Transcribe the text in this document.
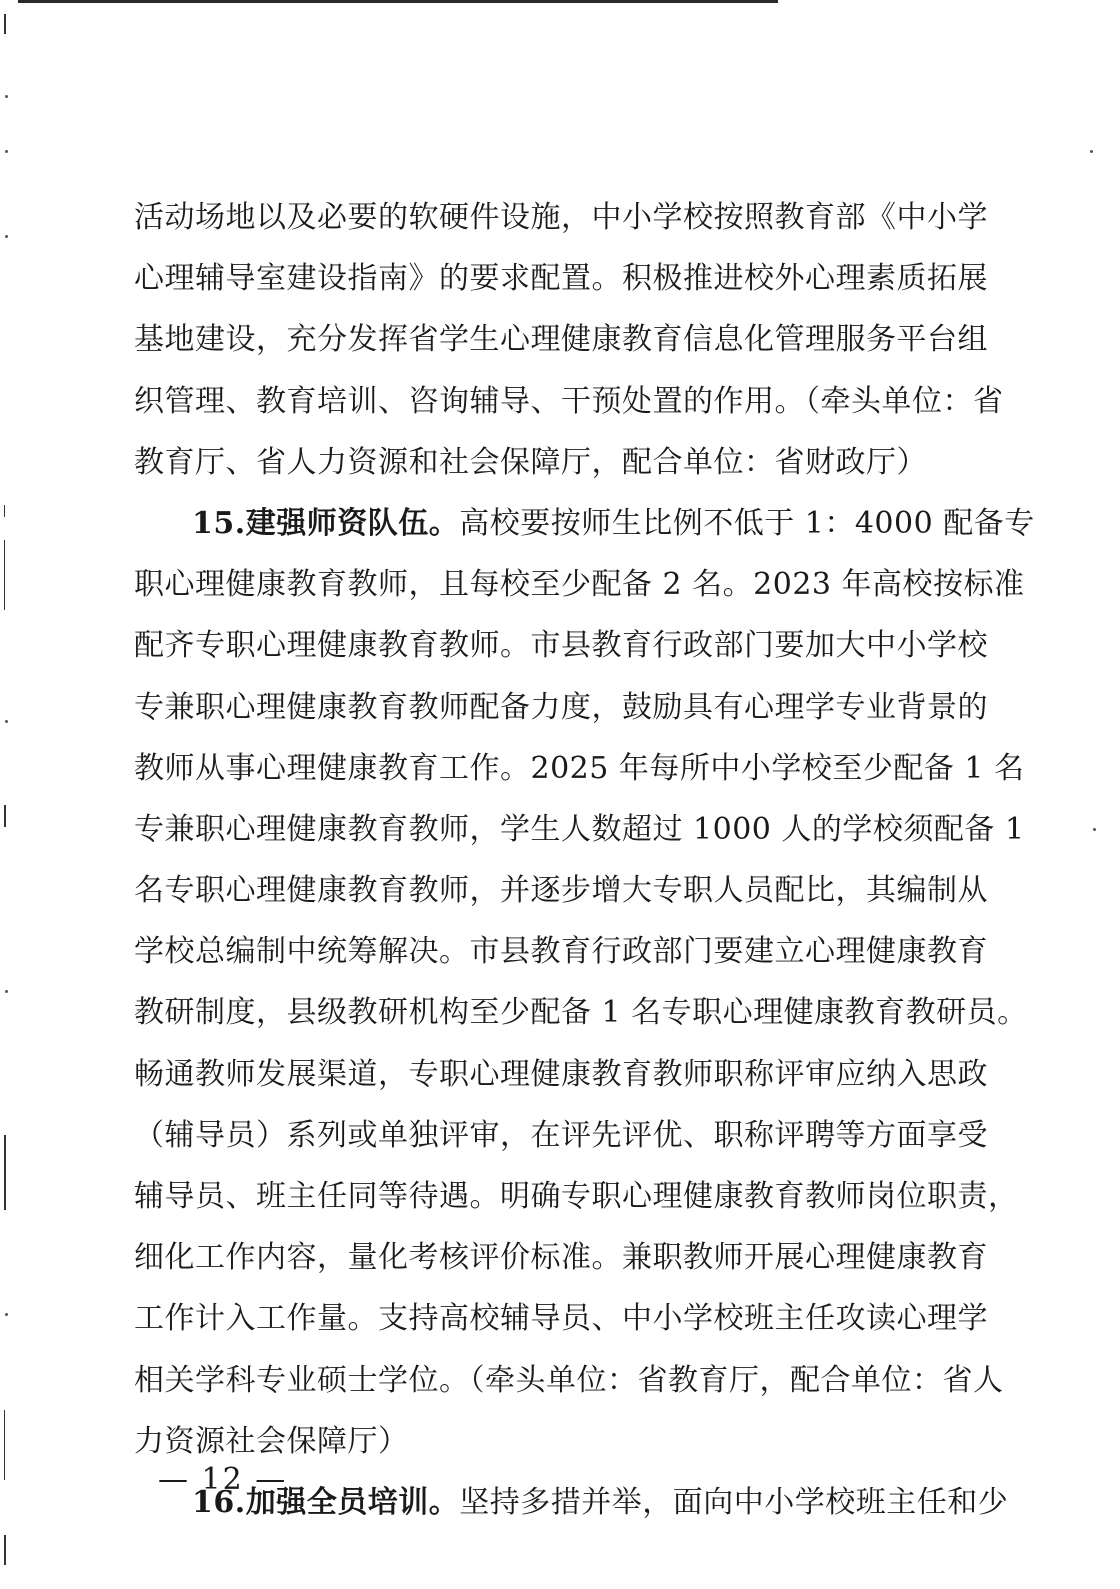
活动场地以及必要的软硬件设施，中小学校按照教育部《中小学
心理辅导室建设指南》的要求配置。积极推进校外心理素质拓展
基地建设，充分发挥省学生心理健康教育信息化管理服务平台组
织管理、教育培训、咨询辅导、干预处置的作用。（牵头单位：省
教育厅、省人力资源和社会保障厅，配合单位：省财政厅）
15.建强师资队伍。高校要按师生比例不低于 1：4000 配备专
职心理健康教育教师，且每校至少配备 2 名。2023 年高校按标准
配齐专职心理健康教育教师。市县教育行政部门要加大中小学校
专兼职心理健康教育教师配备力度，鼓励具有心理学专业背景的
教师从事心理健康教育工作。2025 年每所中小学校至少配备 1 名
专兼职心理健康教育教师，学生人数超过 1000 人的学校须配备 1
名专职心理健康教育教师，并逐步增大专职人员配比，其编制从
学校总编制中统筹解决。市县教育行政部门要建立心理健康教育
教研制度，县级教研机构至少配备 1 名专职心理健康教育教研员。
畅通教师发展渠道，专职心理健康教育教师职称评审应纳入思政
（辅导员）系列或单独评审，在评先评优、职称评聘等方面享受
辅导员、班主任同等待遇。明确专职心理健康教育教师岗位职责，
细化工作内容，量化考核评价标准。兼职教师开展心理健康教育
工作计入工作量。支持高校辅导员、中小学校班主任攻读心理学
相关学科专业硕士学位。（牵头单位：省教育厅，配合单位：省人
力资源社会保障厅）
16.加强全员培训。坚持多措并举，面向中小学校班主任和少
— 12 —
